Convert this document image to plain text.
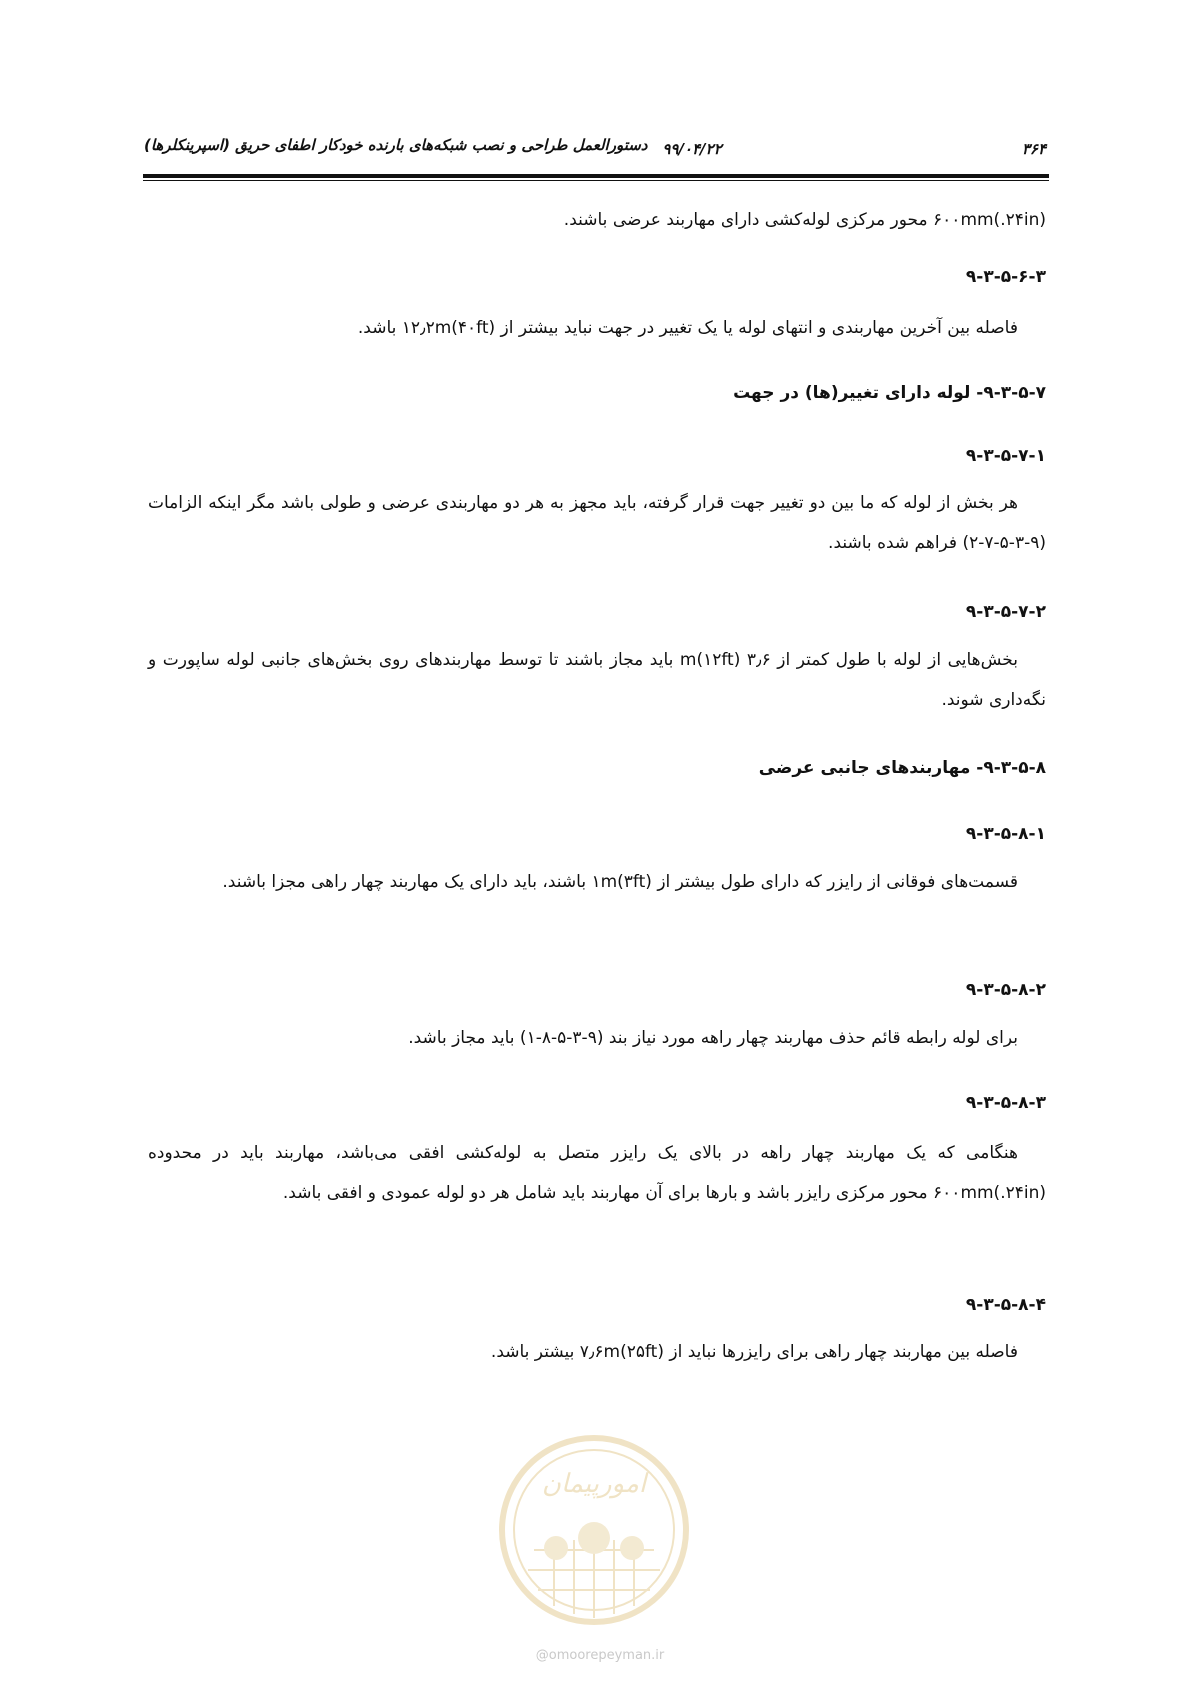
۳۶۴
۹۹/۰۴/۲۲
دستورالعمل طراحی و نصب شبکه‌های بارنده خودکار اطفای حریق (اسپرینکلرها)
۶۰۰mm(.۲۴in) محور مرکزی لوله‌کشی دارای مهاربند عرضی باشند.
۹-۳-۵-۶-۳
فاصله بین آخرین مهاربندی و انتهای لوله یا یک تغییر در جهت نباید بیشتر از ۱۲٫۲m(۴۰ft) باشد.
۹-۳-۵-۷- لوله دارای تغییر(ها) در جهت
۹-۳-۵-۷-۱
هر بخش از لوله که ما بین دو تغییر جهت قرار گرفته، باید مجهز به هر دو مهاربندی عرضی و طولی باشد مگر اینکه الزامات (۹-۳-۵-۷-۲) فراهم شده باشند.
۹-۳-۵-۷-۲
بخش‌هایی از لوله با طول کمتر از ۳٫۶ m(۱۲ft) باید مجاز باشند تا توسط مهاربندهای روی بخش‌های جانبی لوله ساپورت و نگه‌داری شوند.
۹-۳-۵-۸- مهاربندهای جانبی عرضی
۹-۳-۵-۸-۱
قسمت‌های فوقانی از رایزر که دارای طول بیشتر از ۱m(۳ft) باشند، باید دارای یک مهاربند چهار راهی مجزا باشند.
۹-۳-۵-۸-۲
برای لوله رابطه قائم حذف مهاربند چهار راهه مورد نیاز بند (۹-۳-۵-۸-۱) باید مجاز باشد.
۹-۳-۵-۸-۳
هنگامی که یک مهاربند چهار راهه در بالای یک رایزر متصل به لوله‌کشی افقی می‌باشد، مهاربند باید در محدوده ۶۰۰mm(.۲۴in) محور مرکزی رایزر باشد و بارها برای آن مهاربند باید شامل هر دو لوله عمودی و افقی باشد.
۹-۳-۵-۸-۴
فاصله بین مهاربند چهار راهی برای رایزرها نباید از ۷٫۶m(۲۵ft) بیشتر باشد.
امورپیمان
@omoorepeyman.ir
